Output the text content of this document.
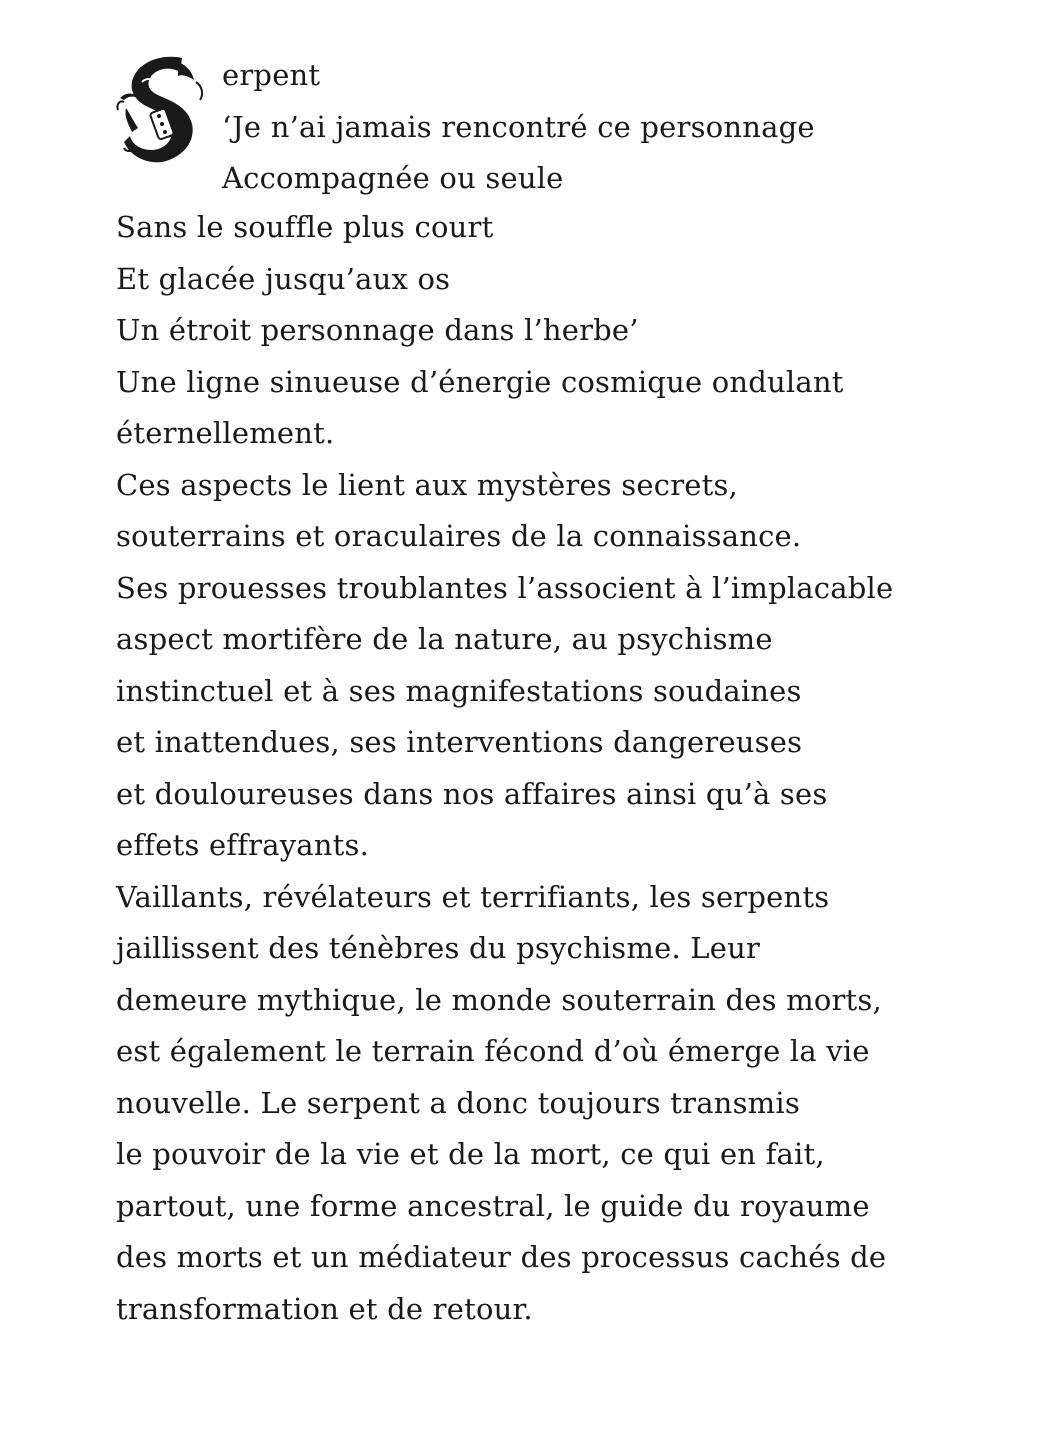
erpent
‘Je n’ai jamais rencontré ce personnage
Accompagnée ou seule
Sans le souffle plus court
Et glacée jusqu’aux os
Un étroit personnage dans l’herbe’
Une ligne sinueuse d’énergie cosmique ondulant
éternellement.
Ces aspects le lient aux mystères secrets,
souterrains et oraculaires de la connaissance.
Ses prouesses troublantes l’associent à l’implacable
aspect mortifère de la nature, au psychisme
instinctuel et à ses magnifestations soudaines
et inattendues, ses interventions dangereuses
et douloureuses dans nos affaires ainsi qu’à ses
effets effrayants.
Vaillants, révélateurs et terrifiants, les serpents
jaillissent des ténèbres du psychisme. Leur
demeure mythique, le monde souterrain des morts,
est également le terrain fécond d’où émerge la vie
nouvelle. Le serpent a donc toujours transmis
le pouvoir de la vie et de la mort, ce qui en fait,
partout, une forme ancestral, le guide du royaume
des morts et un médiateur des processus cachés de
transformation et de retour.
